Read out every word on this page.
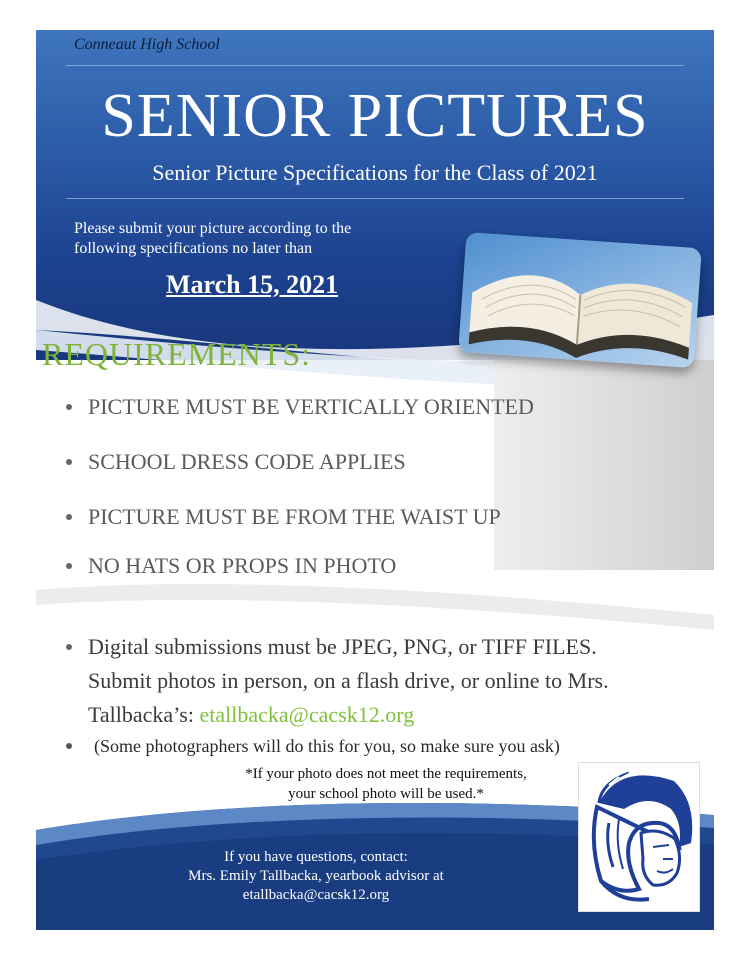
Conneaut High School
SENIOR PICTURES
Senior Picture Specifications for the Class of 2021
Please submit your picture according to the
following specifications no later than
March 15, 2021
REQUIREMENTS:
PICTURE MUST BE VERTICALLY ORIENTED
SCHOOL DRESS CODE APPLIES
PICTURE MUST BE FROM THE WAIST UP
NO HATS OR PROPS IN PHOTO
Digital submissions must be JPEG, PNG, or TIFF FILES.
Submit photos in person, on a flash drive, or online to Mrs.
Tallbacka’s: etallbacka@cacsk12.org
(Some photographers will do this for you, so make sure you ask)
*If your photo does not meet the requirements,
your school photo will be used.*
If you have questions, contact:
Mrs. Emily Tallbacka, yearbook advisor at
etallbacka@cacsk12.org
